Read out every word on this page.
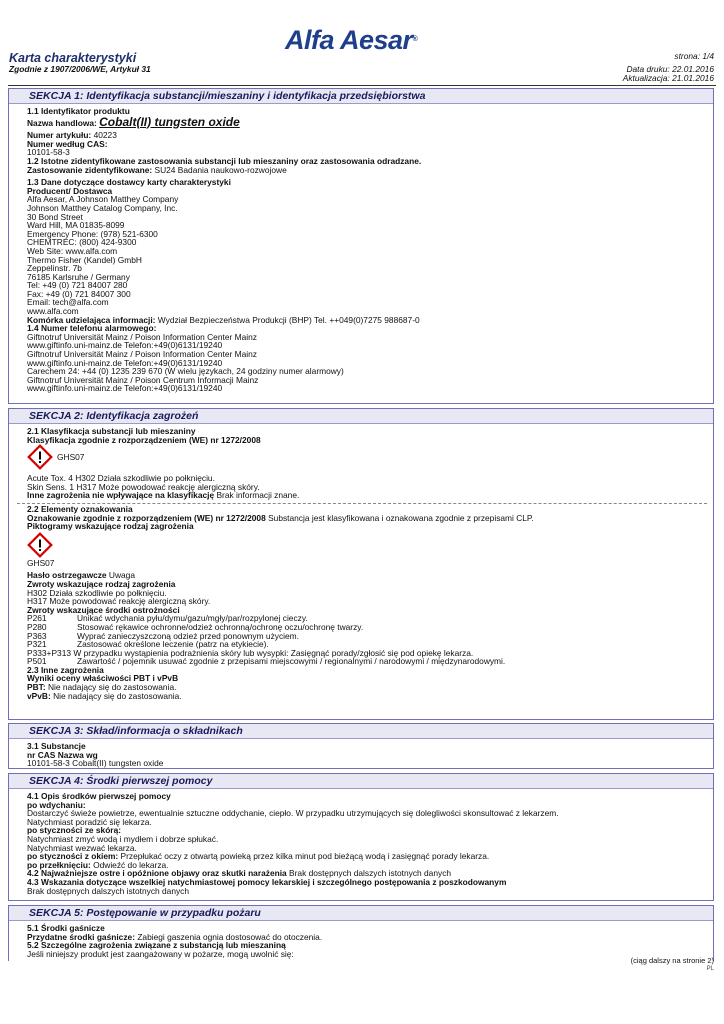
Alfa Aesar®
Karta charakterystyki
Zgodnie z 1907/2006/WE, Artykuł 31
strona: 1/4
Data druku: 22.01.2016
Aktualizacja: 21.01.2016
SEKCJA 1: Identyfikacja substancji/mieszaniny i identyfikacja przedsiębiorstwa
1.1 Identyfikator produktu
Nazwa handlowa: Cobalt(II) tungsten oxide
Numer artykułu: 40223
Numer według CAS:
10101-58-3
1.2 Istotne zidentyfikowane zastosowania substancji lub mieszaniny oraz zastosowania odradzane.
Zastosowanie zidentyfikowane: SU24 Badania naukowo-rozwojowe
1.3 Dane dotyczące dostawcy karty charakterystyki
Producent/ Dostawca
Alfa Aesar, A Johnson Matthey Company
Johnson Matthey Catalog Company, Inc.
30 Bond Street
Ward Hill, MA 01835-8099
Emergency Phone: (978) 521-6300
CHEMTREC: (800) 424-9300
Web Site: www.alfa.com
Thermo Fisher (Kandel) GmbH
Zeppelinstr. 7b
76185 Karlsruhe / Germany
Tel: +49 (0) 721 84007 280
Fax: +49 (0) 721 84007 300
Email: tech@alfa.com
www.alfa.com
Komórka udzielająca informacji: Wydział Bezpieczeństwa Produkcji (BHP) Tel. ++049(0)7275 988687-0
1.4 Numer telefonu alarmowego:
Giftnotruf Universität Mainz / Poison Information Center Mainz
www.giftinfo.uni-mainz.de Telefon:+49(0)6131/19240
Giftnotruf Universität Mainz / Poison Information Center Mainz
www.giftinfo.uni-mainz.de Telefon:+49(0)6131/19240
Carechem 24: +44 (0) 1235 239 670 (W wielu językach, 24 godziny numer alarmowy)
Giftnotruf Universität Mainz / Poison Centrum Informacji Mainz
www.giftinfo.uni-mainz.de Telefon:+49(0)6131/19240
SEKCJA 2: Identyfikacja zagrożeń
2.1 Klasyfikacja substancji lub mieszaniny
Klasyfikacja zgodnie z rozporządzeniem (WE) nr 1272/2008
GHS07
Acute Tox. 4 H302 Działa szkodliwie po połknięciu.
Skin Sens. 1 H317 Może powodować reakcję alergiczną skóry.
Inne zagrożenia nie wpływające na klasyfikację Brak informacji znane.
2.2 Elementy oznakowania
Oznakowanie zgodnie z rozporządzeniem (WE) nr 1272/2008 Substancja jest klasyfikowana i oznakowana zgodnie z przepisami CLP.
Piktogramy wskazujące rodzaj zagrożenia
GHS07
Hasło ostrzegawcze Uwaga
Zwroty wskazujące rodzaj zagrożenia
H302 Działa szkodliwie po połknięciu.
H317 Może powodować reakcję alergiczną skóry.
Zwroty wskazujące środki ostrożności
P261	Unikać wdychania pyłu/dymu/gazu/mgły/par/rozpylonej cieczy.
P280	Stosować rękawice ochronne/odzież ochronną/ochronę oczu/ochronę twarzy.
P363	Wyprać zanieczyszczoną odzież przed ponownym użyciem.
P321	Zastosować określone leczenie (patrz na etykiecie).
P333+P313 W przypadku wystąpienia podrażnienia skóry lub wysypki: Zasięgnąć porady/zgłosić się pod opiekę lekarza.
P501	Zawartość / pojemnik usuwać zgodnie z przepisami miejscowymi / regionalnymi / narodowymi / międzynarodowymi.
2.3 Inne zagrożenia
Wyniki oceny właściwości PBT i vPvB
PBT: Nie nadający się do zastosowania.
vPvB: Nie nadający się do zastosowania.
SEKCJA 3: Skład/informacja o składnikach
3.1 Substancje
nr CAS Nazwa wg
10101-58-3 Cobalt(II) tungsten oxide
SEKCJA 4: Środki pierwszej pomocy
4.1 Opis środków pierwszej pomocy
po wdychaniu:
Dostarczyć świeże powietrze, ewentualnie sztuczne oddychanie, ciepło. W przypadku utrzymujących się dolegliwości skonsultować z lekarzem.
Natychmiast poradzić się lekarza.
po styczności ze skórą:
Natychmiast zmyć wodą i mydłem i dobrze spłukać.
Natychmiast wezwać lekarza.
po styczności z okiem: Przepłukać oczy z otwartą powieką przez kilka minut pod bieżącą wodą i zasięgnąć porady lekarza.
po przełknięciu: Odwieźć do lekarza.
4.2 Najważniejsze ostre i opóźnione objawy oraz skutki narażenia Brak dostępnych dalszych istotnych danych
4.3 Wskazania dotyczące wszelkiej natychmiastowej pomocy lekarskiej i szczególnego postępowania z poszkodowanym
Brak dostępnych dalszych istotnych danych
SEKCJA 5: Postępowanie w przypadku pożaru
5.1 Środki gaśnicze
Przydatne środki gaśnicze: Zabiegi gaszenia ognia dostosować do otoczenia.
5.2 Szczególne zagrożenia związane z substancją lub mieszaniną
Jeśli niniejszy produkt jest zaangażowany w pożarze, mogą uwolnić się:
(ciąg dalszy na stronie 2)
PL
